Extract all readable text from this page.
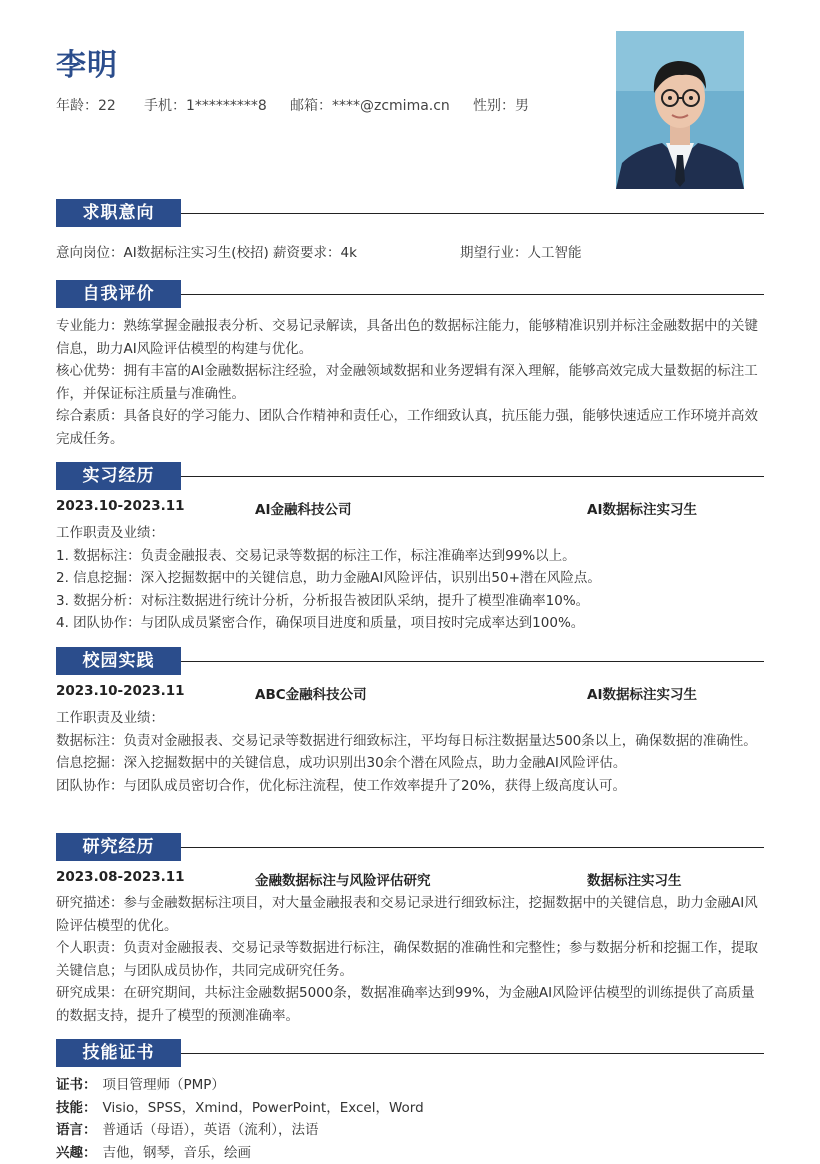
李明
年龄：22	手机：1*********8	邮箱：****@zcmima.cn	性别：男
求职意向
意向岗位：AI数据标注实习生(校招) 薪资要求：4k	期望行业：人工智能
自我评价

专业能力：熟练掌握金融报表分析、交易记录解读，具备出色的数据标注能力，能够精准识别并标注金融数据中的关键信息，助力AI风险评估模型的构建与优化。

核心优势：拥有丰富的AI金融数据标注经验，对金融领域数据和业务逻辑有深入理解，能够高效完成大量数据的标注工作，并保证标注质量与准确性。

综合素质：具备良好的学习能力、团队合作精神和责任心，工作细致认真，抗压能力强，能够快速适应工作环境并高效完成任务。

实习经历
2023.10-2023.11	AI金融科技公司	AI数据标注实习生

工作职责及业绩：

1. 数据标注：负责金融报表、交易记录等数据的标注工作，标注准确率达到99%以上。

2. 信息挖掘：深入挖掘数据中的关键信息，助力金融AI风险评估，识别出50+潜在风险点。

3. 数据分析：对标注数据进行统计分析，分析报告被团队采纳，提升了模型准确率10%。

4. 团队协作：与团队成员紧密合作，确保项目进度和质量，项目按时完成率达到100%。

校园实践
2023.10-2023.11	ABC金融科技公司	AI数据标注实习生

工作职责及业绩：

数据标注：负责对金融报表、交易记录等数据进行细致标注，平均每日标注数据量达500条以上，确保数据的准确性。

信息挖掘：深入挖掘数据中的关键信息，成功识别出30余个潜在风险点，助力金融AI风险评估。

团队协作：与团队成员密切合作，优化标注流程，使工作效率提升了20%，获得上级高度认可。

研究经历
2023.08-2023.11	金融数据标注与风险评估研究	数据标注实习生

研究描述：参与金融数据标注项目，对大量金融报表和交易记录进行细致标注，挖掘数据中的关键信息，助力金融AI风险评估模型的优化。

个人职责：负责对金融报表、交易记录等数据进行标注，确保数据的准确性和完整性；参与数据分析和挖掘工作，提取关键信息；与团队成员协作，共同完成研究任务。

研究成果：在研究期间，共标注金融数据5000条，数据准确率达到99%，为金融AI风险评估模型的训练提供了高质量的数据支持，提升了模型的预测准确率。

技能证书
证书： 项目管理师（PMP）
技能： Visio，SPSS，Xmind，PowerPoint，Excel，Word
语言： 普通话（母语），英语（流利），法语
兴趣： 吉他，钢琴，音乐，绘画
